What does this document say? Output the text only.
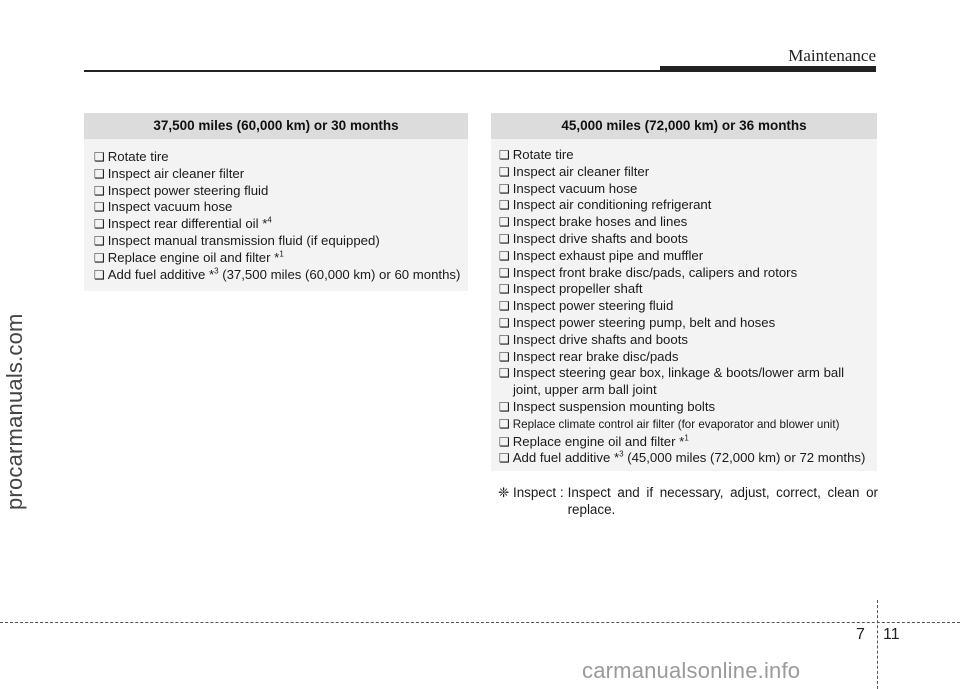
Maintenance
procarmanuals.com
37,500 miles (60,000 km) or 30 months
❑ Rotate tire
❑ Inspect air cleaner filter
❑ Inspect power steering fluid
❑ Inspect vacuum hose
❑ Inspect rear differential oil *$^4$
❑ Inspect manual transmission fluid (if equipped)
❑ Replace engine oil and filter *$^1$
❑ Add fuel additive *$^3$ (37,500 miles (60,000 km) or 60 months)
45,000 miles (72,000 km) or 36 months
❑ Rotate tire
❑ Inspect air cleaner filter
❑ Inspect vacuum hose
❑ Inspect air conditioning refrigerant
❑ Inspect brake hoses and lines
❑ Inspect drive shafts and boots
❑ Inspect exhaust pipe and muffler
❑ Inspect front brake disc/pads, calipers and rotors
❑ Inspect propeller shaft
❑ Inspect power steering fluid
❑ Inspect power steering pump, belt and hoses
❑ Inspect drive shafts and boots
❑ Inspect rear brake disc/pads
❑ Inspect steering gear box, linkage & boots/lower arm ball
joint, upper arm ball joint
❑ Inspect suspension mounting bolts
❑ Replace climate control air filter (for evaporator and blower unit)
❑ Replace engine oil and filter *$^1$
❑ Add fuel additive *$^3$ (45,000 miles (72,000 km) or 72 months)
❈ Inspect : Inspect and if necessary, adjust, correct, clean or replace.
7 11
carmanualsonline.info
